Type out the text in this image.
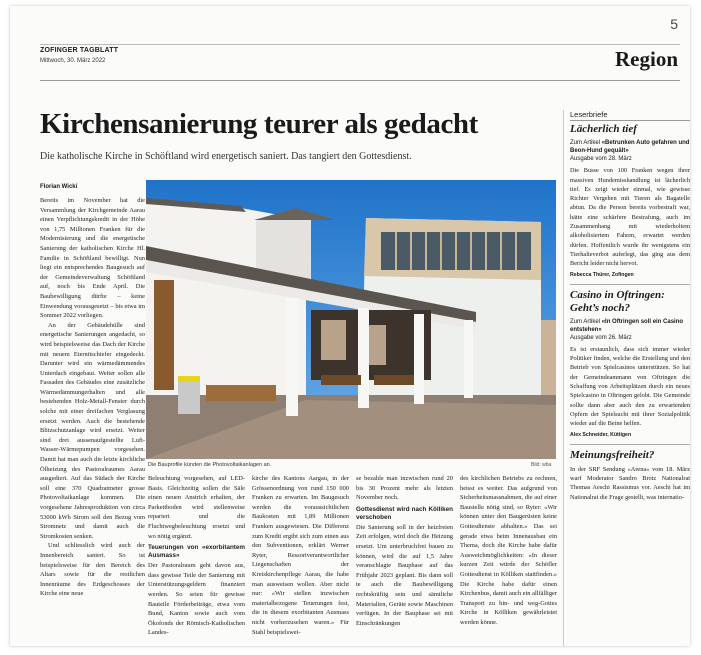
5
ZOFINGER TAGBLATT
Mittwoch, 30. März 2022	Region
Kirchensanierung teurer als gedacht
Die katholische Kirche in Schöftland wird energetisch saniert. Das tangiert den Gottesdienst.
Florian Wicki

Bereits im November hat die Versammlung der Kirchgemeinde Aarau einen Verpflichtungskredit in der Höhe von 1,75 Millionen Franken für die Modernisierung und die energetische Sanierung der katholischen Kirche Hl. Familie in Schöftland bewilligt. Nun liegt ein entsprechendes Baugesuch auf der Gemeindeverwaltung Schöftland auf, noch bis Ende April. Die Baubewilligung dürfte – keine Einwendung vorausgesetzt – bis etwa im Sommer 2022 vorliegen.

An der Gebäudehülle sind energetische Sanierungen angedacht, so wird beispielsweise das Dach der Kirche mit neuem Eternitschiefer eingedeckt. Darunter wird ein wärmedämmendes Unterdach eingebaut. Weiter sollen alle Fassaden des Gebäudes eine zusätzliche Wärmedämmungerhalten und alle bestehenden Holz-Metall-Fenster durch solche mit einer dreifachen Verglasung ersetzt werden. Auch die bestehende Blitzschutzanlage wird ersetzt. Weiter sind drei aussenaufgestellte Luft-Wasser-Wärmepumpen vorgesehen. Damit hat man auch die letzte kirchliche Ölheizung des Pastoralraumes Aarau ausgediert. Auf das Südach der Kirche soll eine 370 Quadratmeter grosse Photovoltaikanlage kommen. Die vorgesehene Jahresproduktion von circa 53000 kWh Strom soll den Bezug vom Stromnetz und damit auch die Stromkosten senken.

Und schliesslich wird auch der Innenbereich saniert. So ist beispielsweise für den Bereich des Altars sowie für die restlichen Innenräume des Erdgeschosses der Kirche eine neue

Die Bauprofile künden die Photovoltaikanlagen an.	Bild: wba

Beleuchtung vorgesehen, auf LED-Basis. Gleichzeitig sollen die Säle einen neuen Anstrich erhalten, der Parkettboden wird stellenweise repariert und die Fluchtwegbeleuchtung ersetzt und wo nötig ergänzt.

Teuerungen von «exorbitantem Ausmass»

Der Pastoralraum geht davon aus, dass gewisse Teile der Sanierung mit Unterstützungsgeldern finanziert werden. So seien für gewisse Bauteile Förderbeiträge, etwa vom Bund, Kanton sowie auch vom Ökofonds der Römisch-Katholischen Landes-

kirche des Kantons Aargau, in der Grössenordnung von rund 150 000 Franken zu erwarten. Im Baugesuch werden die voraussichtlichen Baukosten mit 1,89 Millionen Franken ausgewiesen. Die Differenz zum Kredit ergibt sich zum einen aus den Subventionen, erklärt Werner Ryter, Ressortverantwortlicher Liegenschaften der Kreiskirchenpflege Aarau, die habe man ausweisen wollen. Aber nicht nur: «Wir stellen inzwischen materialbezogene Teuerungen fest, die in diesem exorbitanten Ausmass nicht vorherzusehen waren.» Für Stahl beispielswei-

se bezahle man inzwischen rund 20 bis 30 Prozent mehr als letzten November noch.

Gottesdienst wird nach Kölliken verschoben

Die Sanierung soll in der heizfreien Zeit erfolgen, wird doch die Heizung ersetzt. Um unterbruchfrei bauen zu können, wird die auf 1,5 Jahre veranschlagte Bauphase auf das Frühjahr 2023 geplant. Bis dann soll te auch die Baubewilligung rechtskräftig sein und sämtliche Materialien, Geräte sowie Maschinen verfügen. In der Bauphase sei mit Einschränkungen

des kirchlichen Betriebs zu rechnen, heisst es weiter. Das aufgrund von Sicherheitsmassnahmen, die auf einer Baustelle nötig sind, so Ryter: «Wir können unter den Baugerüsten keine Gottesdienste abhalten.» Das sei gerade etwa beim Innenausbau ein Thema, doch die Kirche habe dafür Ausweichmöglichkeiten: «In dieser kurzen Zeit würde der Schöfler Gottesdienst in Kölliken stattfinden.» Die Kirche habe dafür einen Kirchenbus, damit auch ein allfälliger Transport zu hin- und weg-Gottes Kirche in Kölliken gewährleistet werden könne.

Leserbriefe
Lächerlich tief
Zum Artikel «Betrunken Auto gefahren und Beon-Hund gequält»
Ausgabe vom 28. März
Die Busse von 100 Franken wegen ihrer massiven Hundemisshandlung ist lächerlich tief. Es zeigt wieder einmal, wie gewisse Richter Vergehen mit Tieren als Bagatelle abtun. Da die Person bereits vorbestraft war, hätte eine schärfere Bestrafung, auch im Zusammenhang mit wiederholtem alkoholisiertem Fahren, erwartet werden dürfen. Hoffentlich wurde ihr wenigstens ein Tierhalteverbot auferlegt, das ging aus dem Bericht leider nicht hervot.
Rebecca Thürer, Zofingen
Casino in Oftringen: Geht’s noch?
Zum Artikel «In Oftringen soll ein Casino entstehen»
Ausgabe vom 26. März
Es ist erstaunlich, dass sich immer wieder Politiker finden, welche die Erstellung und den Betrieb von Spielcasinos unterstützen. So hat der Gemeindeammann von Oftringen die Schaffung von Arbeitsplätzen durch ein neues Spielcasino in Oftringen gelobt. Die Gemeinde sollte dann aber auch den zu erwartenden Opfern der Spielsucht mit ihrer Sozialpolitik wieder auf die Beine helfen.
Alex Schneider, Küttigen
Meinungsfreiheit?
In der SRF Sendung «Arena» vom 18. März warf Moderator Sandro Brotz Nationalrat Thomas Aeschi Rassismus vor. Aeschi hat im Nationalrat die Frage gestellt, was internatio-
